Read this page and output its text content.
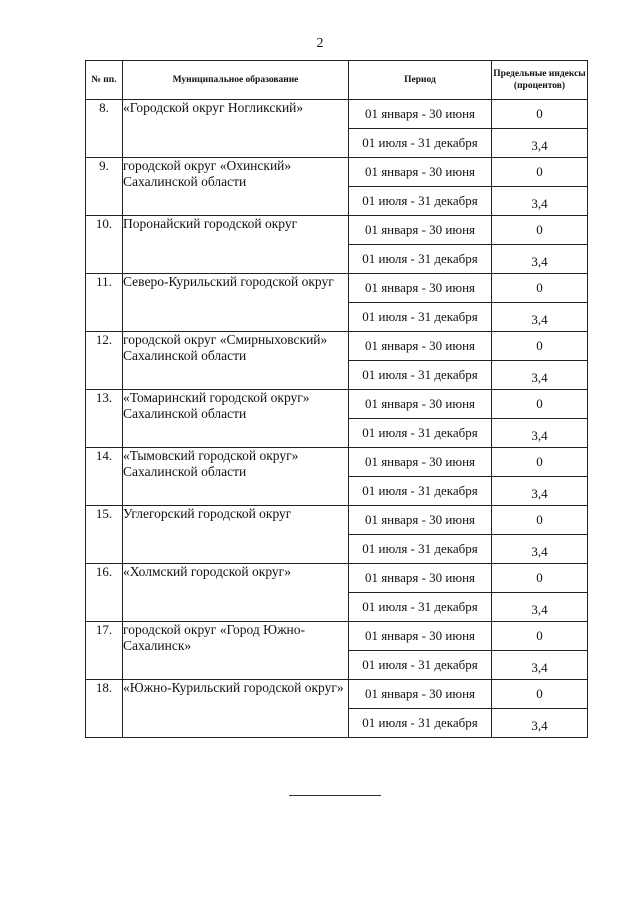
2
№ пп.	Муниципальное образование	Период	Предельные индексы (процентов)
8.	«Городской округ Ногликский»	01 января - 30 июня	0
		01 июля - 31 декабря	3,4
9.	городской округ «Охинский» Сахалинской области	01 января - 30 июня	0
		01 июля - 31 декабря	3,4
10.	Поронайский городской округ	01 января - 30 июня	0
		01 июля - 31 декабря	3,4
11.	Северо-Курильский городской округ	01 января - 30 июня	0
		01 июля - 31 декабря	3,4
12.	городской округ «Смирныховский» Сахалинской области	01 января - 30 июня	0
		01 июля - 31 декабря	3,4
13.	«Томаринский городской округ» Сахалинской области	01 января - 30 июня	0
		01 июля - 31 декабря	3,4
14.	«Тымовский городской округ» Сахалинской области	01 января - 30 июня	0
		01 июля - 31 декабря	3,4
15.	Углегорский городской округ	01 января - 30 июня	0
		01 июля - 31 декабря	3,4
16.	«Холмский городской округ»	01 января - 30 июня	0
		01 июля - 31 декабря	3,4
17.	городской округ «Город Южно-Сахалинск»	01 января - 30 июня	0
		01 июля - 31 декабря	3,4
18.	«Южно-Курильский городской округ»	01 января - 30 июня	0
		01 июля - 31 декабря	3,4
